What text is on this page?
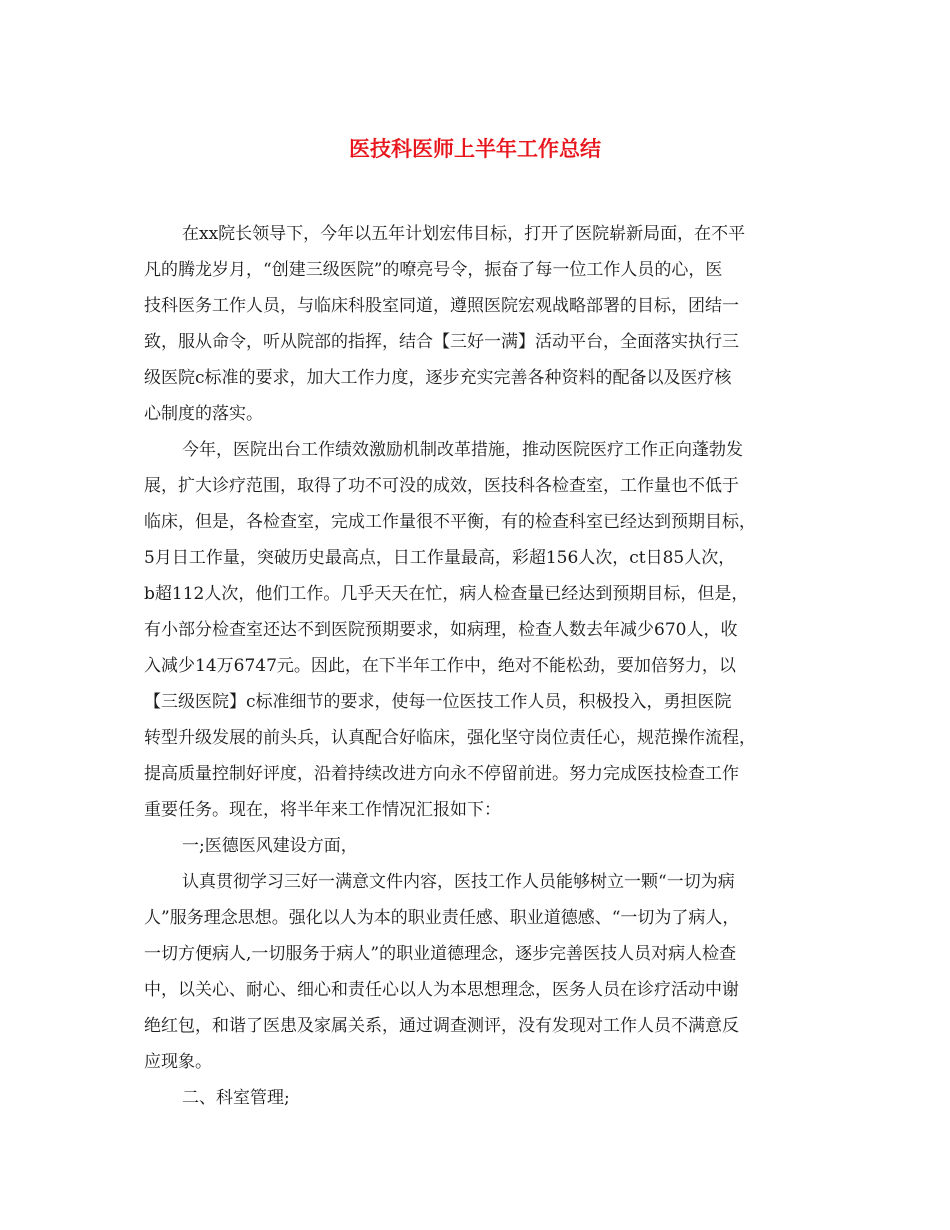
医技科医师上半年工作总结

在xx院长领导下，今年以五年计划宏伟目标，打开了医院崭新局面，在不平

凡的腾龙岁月，“创建三级医院”的嘹亮号令，振奋了每一位工作人员的心，医

技科医务工作人员，与临床科股室同道，遵照医院宏观战略部署的目标，团结一

致，服从命令，听从院部的指挥，结合【三好一满】活动平台，全面落实执行三

级医院c标准的要求，加大工作力度，逐步充实完善各种资料的配备以及医疗核

心制度的落实。

今年，医院出台工作绩效激励机制改革措施，推动医院医疗工作正向蓬勃发

展，扩大诊疗范围，取得了功不可没的成效，医技科各检查室，工作量也不低于

临床，但是，各检查室，完成工作量很不平衡，有的检查科室已经达到预期目标，

5月日工作量，突破历史最高点，日工作量最高，彩超156人次，ct日85人次，

b超112人次，他们工作。几乎天天在忙，病人检查量已经达到预期目标，但是，

有小部分检查室还达不到医院预期要求，如病理，检查人数去年减少670人，收

入减少14万6747元。因此，在下半年工作中，绝对不能松劲，要加倍努力，以

【三级医院】c标准细节的要求，使每一位医技工作人员，积极投入，勇担医院

转型升级发展的前头兵，认真配合好临床，强化坚守岗位责任心，规范操作流程，

提高质量控制好评度，沿着持续改进方向永不停留前进。努力完成医技检查工作

重要任务。现在，将半年来工作情况汇报如下：

一;医德医风建设方面，

认真贯彻学习三好一满意文件内容，医技工作人员能够树立一颗“一切为病

人”服务理念思想。强化以人为本的职业责任感、职业道德感、“一切为了病人，

一切方便病人,一切服务于病人”的职业道德理念，逐步完善医技人员对病人检查

中，以关心、耐心、细心和责任心以人为本思想理念，医务人员在诊疗活动中谢

绝红包，和谐了医患及家属关系，通过调查测评，没有发现对工作人员不满意反

应现象。

二、科室管理;
